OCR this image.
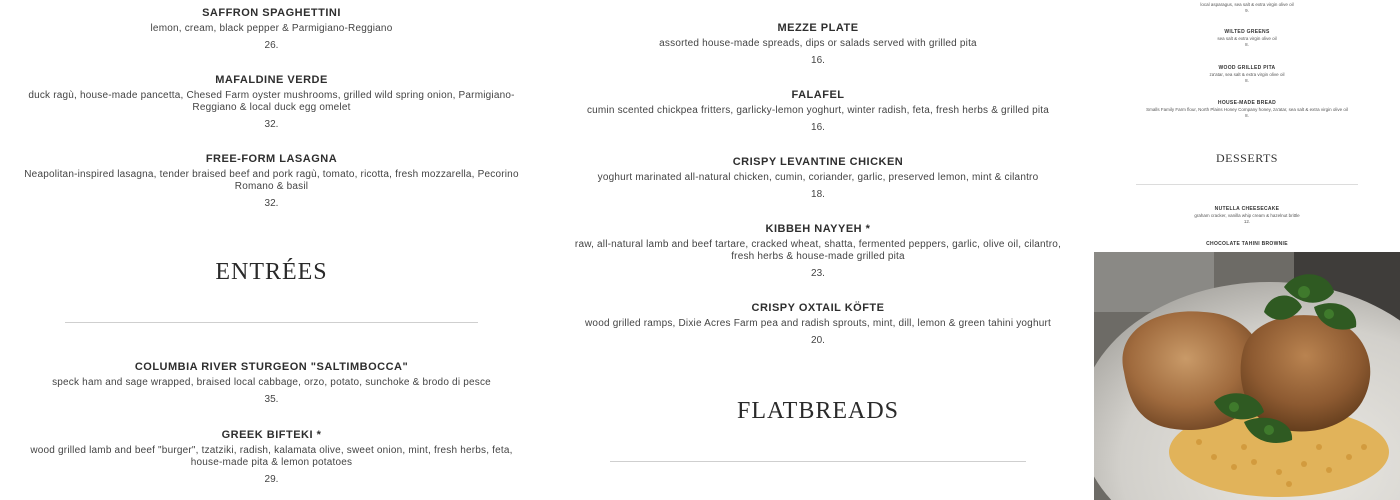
SAFFRON SPAGHETTINI
lemon, cream, black pepper & Parmigiano-Reggiano
26.
MAFALDINE VERDE
duck ragù, house-made pancetta, Chesed Farm oyster mushrooms, grilled wild spring onion, Parmigiano-Reggiano & local duck egg omelet
32.
FREE-FORM LASAGNA
Neapolitan-inspired lasagna, tender braised beef and pork ragù, tomato, ricotta, fresh mozzarella, Pecorino Romano & basil
32.
ENTRÉES
COLUMBIA RIVER STURGEON "SALTIMBOCCA"
speck ham and sage wrapped, braised local cabbage, orzo, potato, sunchoke & brodo di pesce
35.
GREEK BIFTEKI *
wood grilled lamb and beef "burger", tzatziki, radish, kalamata olive, sweet onion, mint, fresh herbs, feta, house-made pita & lemon potatoes
29.
MEZZE PLATE
assorted house-made spreads, dips or salads served with grilled pita
16.
FALAFEL
cumin scented chickpea fritters, garlicky-lemon yoghurt, winter radish, feta, fresh herbs & grilled pita
16.
CRISPY LEVANTINE CHICKEN
yoghurt marinated all-natural chicken, cumin, coriander, garlic, preserved lemon, mint & cilantro
18.
KIBBEH NAYYEH *
raw, all-natural lamb and beef tartare, cracked wheat, shatta, fermented peppers, garlic, olive oil, cilantro, fresh herbs & house-made grilled pita
23.
CRISPY OXTAIL KÖFTE
wood grilled ramps, Dixie Acres Farm pea and radish sprouts, mint, dill, lemon & green tahini yoghurt
20.
FLATBREADS
local asparagus, sea salt & extra virgin olive oil
9.
WILTED GREENS
sea salt & extra virgin olive oil
8.
WOOD GRILLED PITA
za'atar, sea salt & extra virgin olive oil
8.
HOUSE-MADE BREAD
Smalls Family Farm flour, North Plains Honey Company honey, za'atar, sea salt & extra virgin olive oil
8.
DESSERTS
NUTELLA CHEESECAKE
graham cracker, vanilla whip cream & hazelnut brittle
12.
CHOCOLATE TAHINI BROWNIE
